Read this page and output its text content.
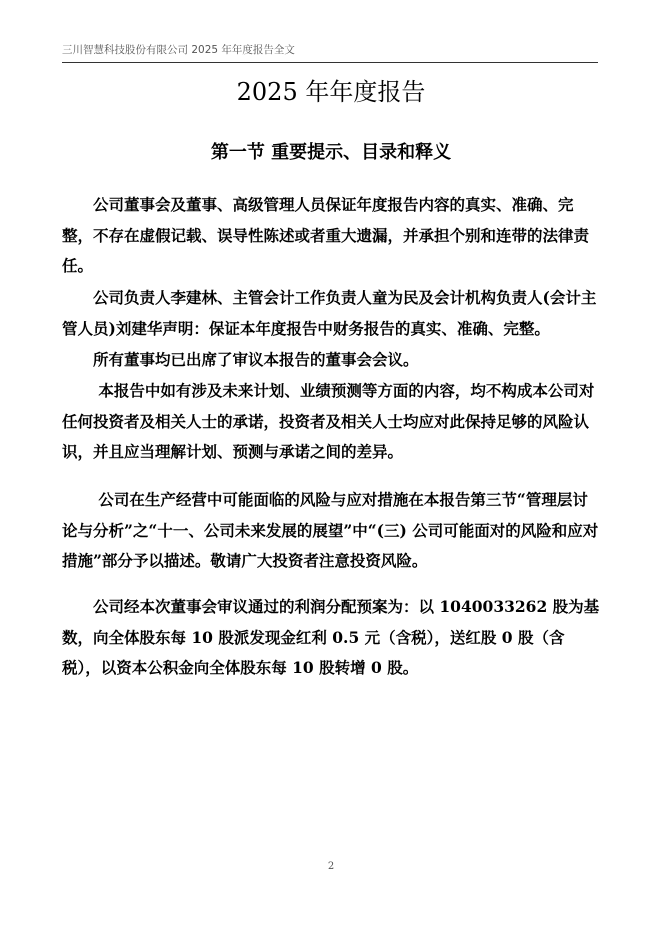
三川智慧科技股份有限公司 2025 年年度报告全文
2025 年年度报告
第一节 重要提示、目录和释义

　　公司董事会及董事、高级管理人员保证年度报告内容的真实、准确、完整，不存在虚假记载、误导性陈述或者重大遗漏，并承担个别和连带的法律责任。

　　公司负责人李建林、主管会计工作负责人童为民及会计机构负责人(会计主管人员)刘建华声明：保证本年度报告中财务报告的真实、准确、完整。

　　所有董事均已出席了审议本报告的董事会会议。

　　 本报告中如有涉及未来计划、业绩预测等方面的内容，均不构成本公司对任何投资者及相关人士的承诺，投资者及相关人士均应对此保持足够的风险认识，并且应当理解计划、预测与承诺之间的差异。

　　 公司在生产经营中可能面临的风险与应对措施在本报告第三节“管理层讨论与分析”之“十一、公司未来发展的展望”中“(三) 公司可能面对的风险和应对措施”部分予以描述。敬请广大投资者注意投资风险。

　　公司经本次董事会审议通过的利润分配预案为：以 1040033262 股为基数，向全体股东每 10 股派发现金红利 0.5 元（含税），送红股 0 股（含税），以资本公积金向全体股东每 10 股转增 0 股。

2
